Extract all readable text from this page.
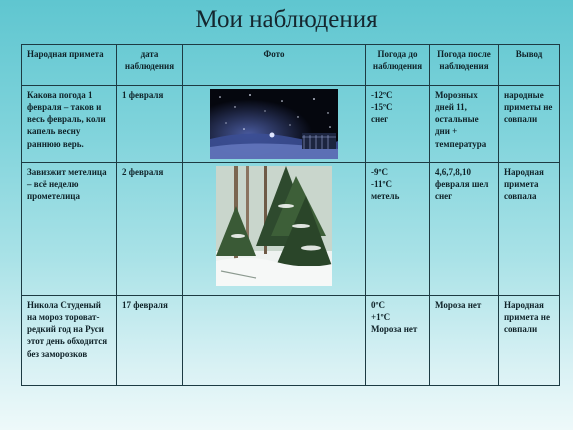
Мои наблюдения
Народная примета	дата наблюдения	Фото	Погода до наблюдения	Погода после наблюдения	Вывод
Какова погода 1 февраля – таков и весь февраль, коли капель весну раннюю верь.	1 февраля		-12ºC
-15ºC
снег	Морозных дней 11, остальные дни + температура	народные приметы не совпали
Завизжит метелица – всё неделю прометелица	2 февраля		-9ºC
-11ºC
метель	4,6,7,8,10 февраля шел снег	Народная примета совпала
Никола Студеный на мороз тороват- редкий год на Руси этот день обходится без заморозков	17 февраля		0ºC
+1ºC
Мороза нет	Мороза нет	Народная примета не совпали
